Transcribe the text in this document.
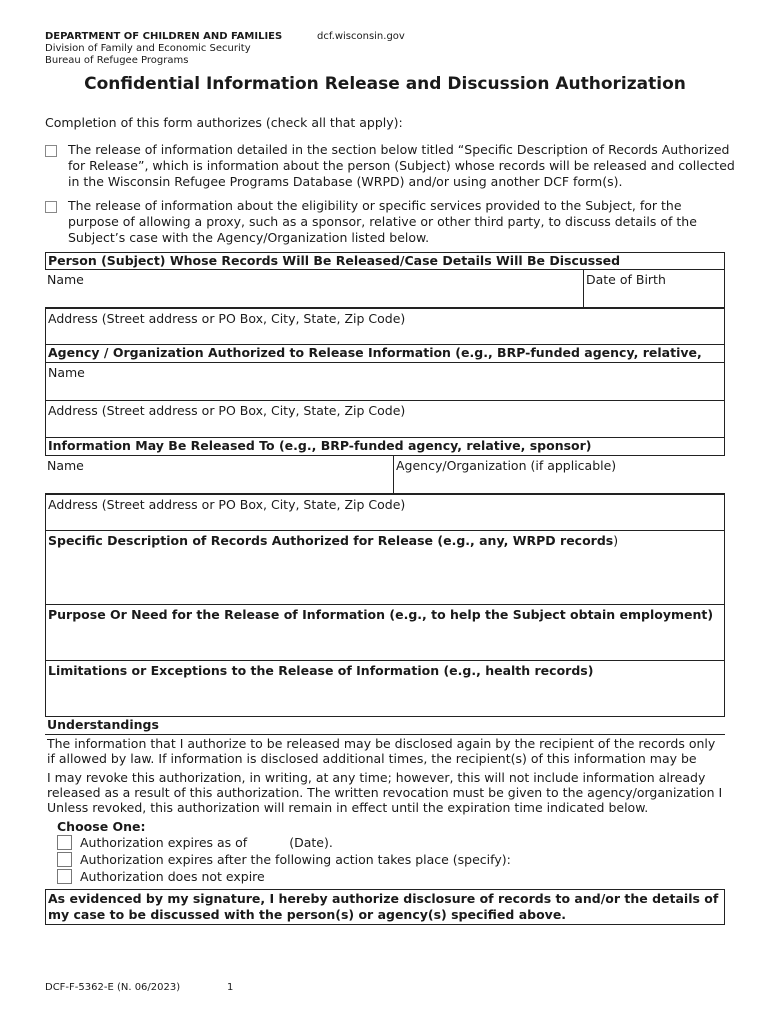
DEPARTMENT OF CHILDREN AND FAMILIES
Division of Family and Economic Security
Bureau of Refugee Programs
dcf.wisconsin.gov
Confidential Information Release and Discussion Authorization
Completion of this form authorizes (check all that apply):
The release of information detailed in the section below titled “Specific Description of Records Authorized for Release”, which is information about the person (Subject) whose records will be released and collected in the Wisconsin Refugee Programs Database (WRPD) and/or using another DCF form(s).
The release of information about the eligibility or specific services provided to the Subject, for the purpose of allowing a proxy, such as a sponsor, relative or other third party, to discuss details of the Subject’s case with the Agency/Organization listed below.
Person (Subject) Whose Records Will Be Released/Case Details Will Be Discussed
Name	Date of Birth
Address (Street address or PO Box, City, State, Zip Code)
Agency / Organization Authorized to Release Information (e.g., BRP-funded agency, relative,
Name
Address (Street address or PO Box, City, State, Zip Code)
Information May Be Released To (e.g., BRP-funded agency, relative, sponsor)
Name	Agency/Organization (if applicable)
Address (Street address or PO Box, City, State, Zip Code)
Specific Description of Records Authorized for Release (e.g., any, WRPD records)
Purpose Or Need for the Release of Information (e.g., to help the Subject obtain employment)
Limitations or Exceptions to the Release of Information (e.g., health records)
Understandings
The information that I authorize to be released may be disclosed again by the recipient of the records only if allowed by law. If information is disclosed additional times, the recipient(s) of this information may be
I may revoke this authorization, in writing, at any time; however, this will not include information already released as a result of this authorization. The written revocation must be given to the agency/organization I
Unless revoked, this authorization will remain in effect until the expiration time indicated below.
Choose One:
Authorization expires as of	(Date).
Authorization expires after the following action takes place (specify):
Authorization does not expire
As evidenced by my signature, I hereby authorize disclosure of records to and/or the details of my case to be discussed with the person(s) or agency(s) specified above.
DCF-F-5362-E (N. 06/2023)	1
